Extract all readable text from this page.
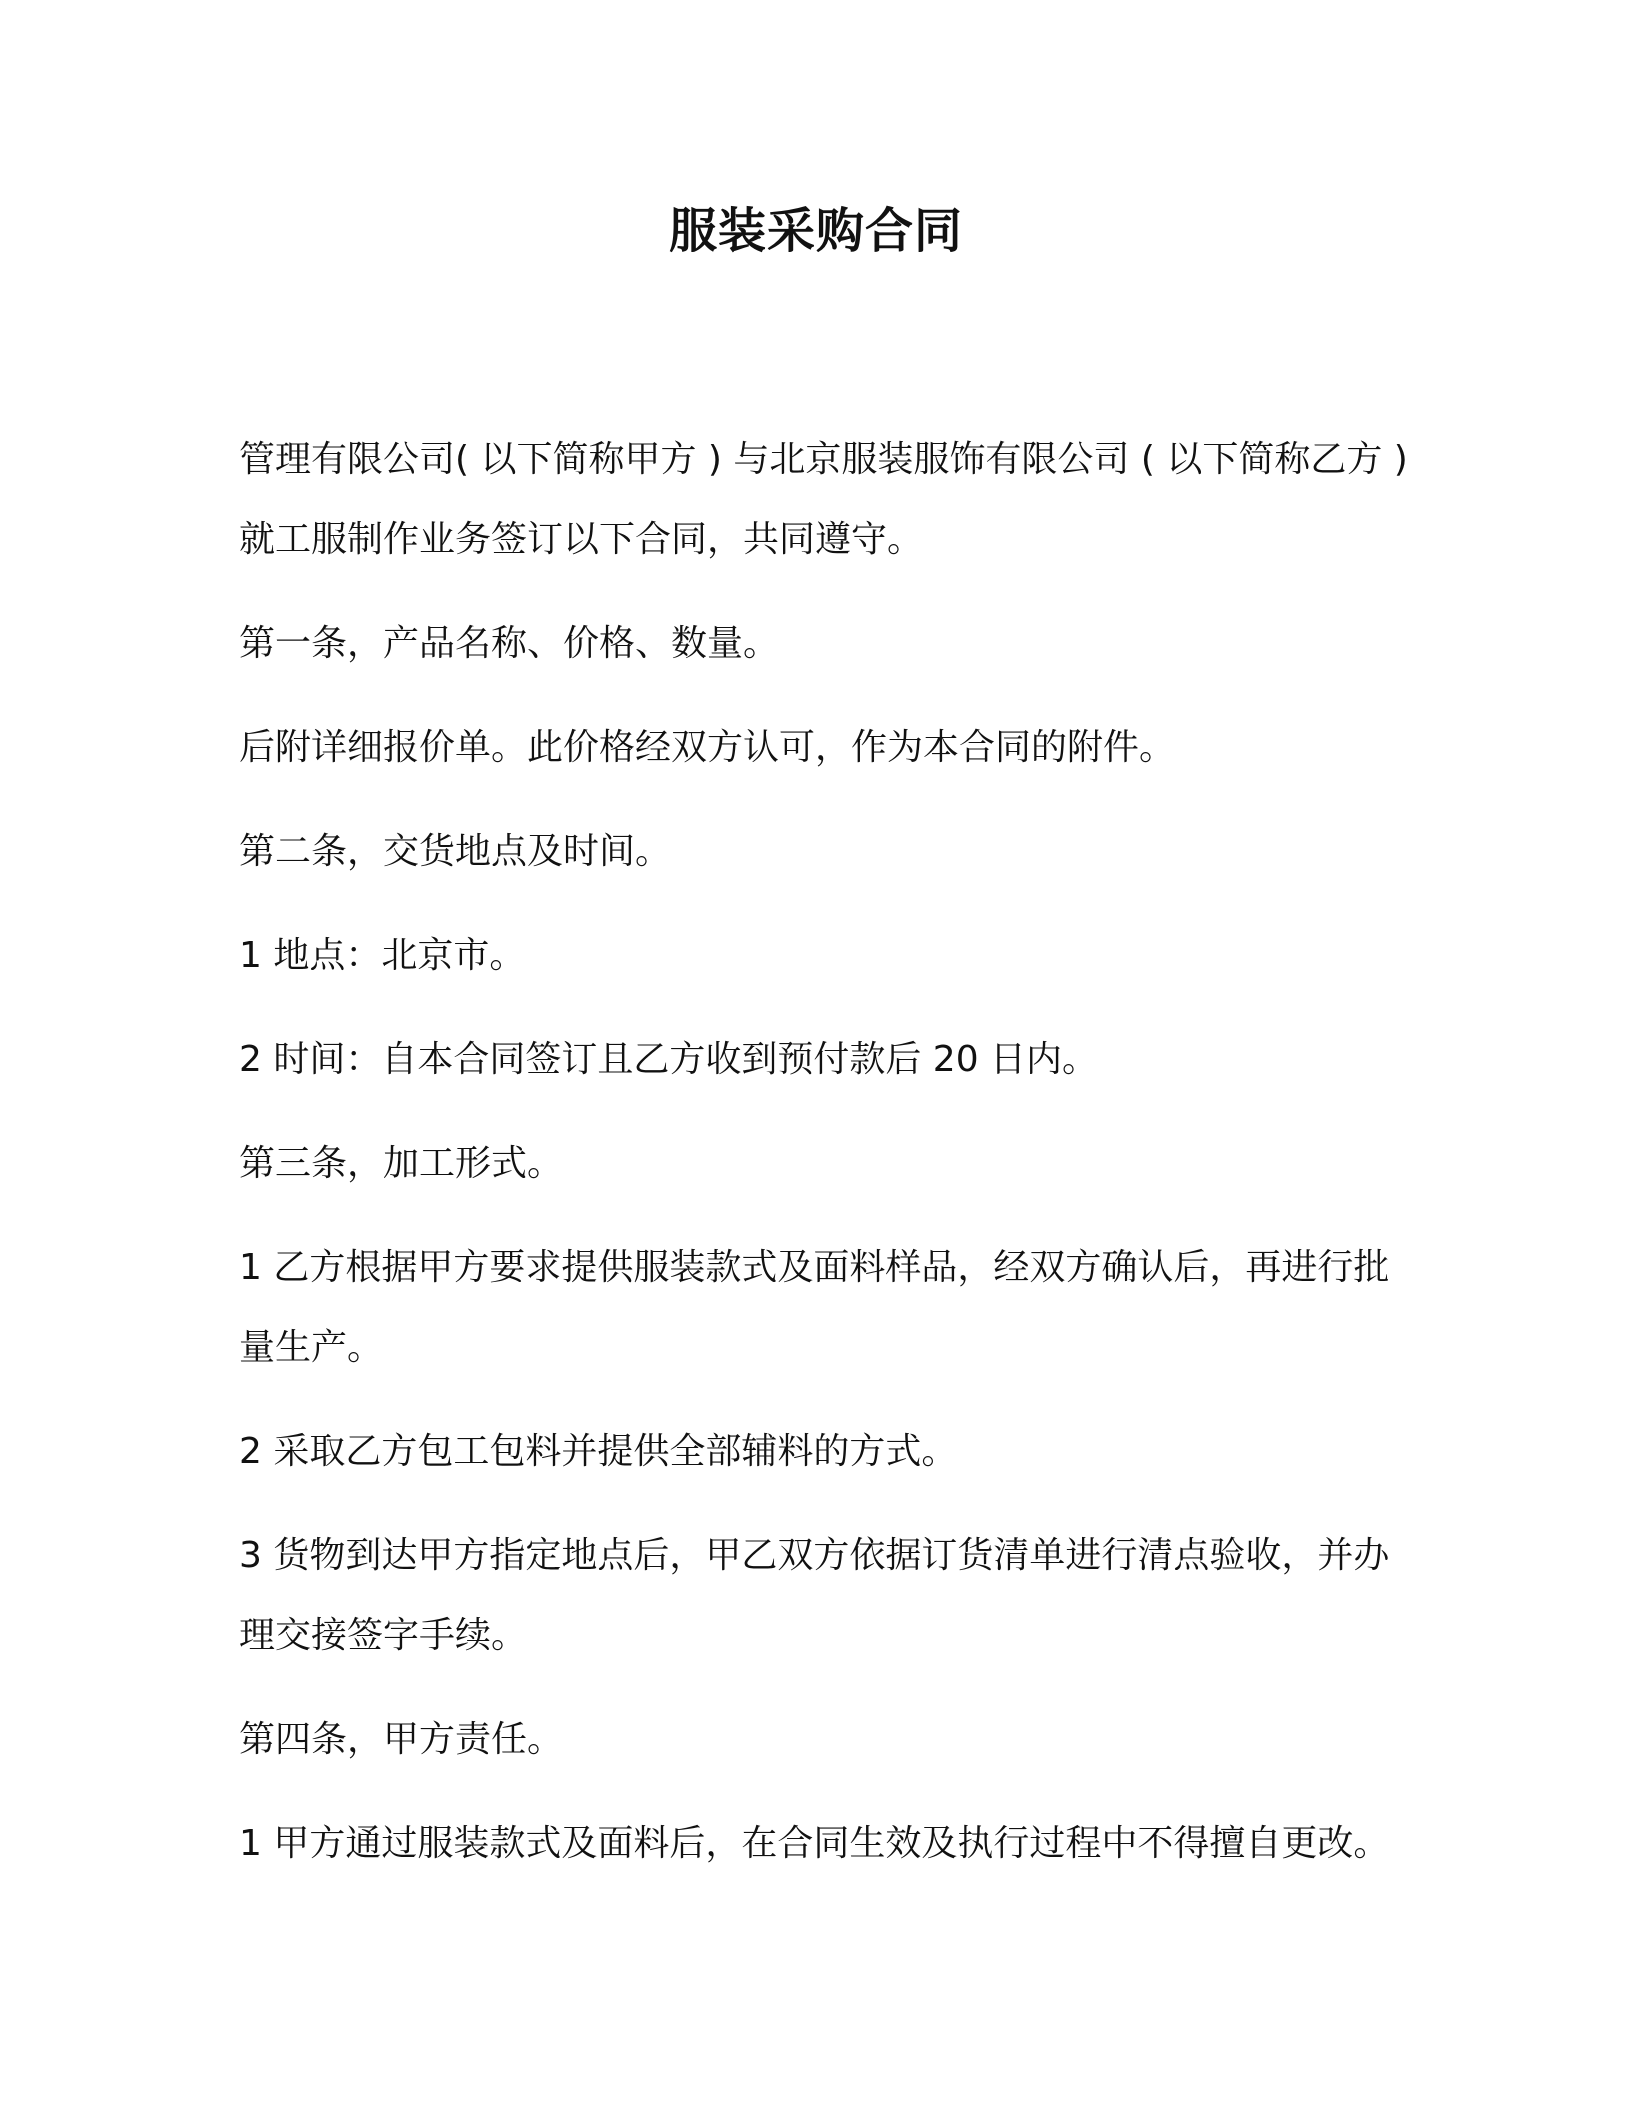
服装采购合同

管理有限公司( 以下简称甲方 ) 与北京服装服饰有限公司 ( 以下简称乙方 ) 就工服制作业务签订以下合同，共同遵守。

第一条，产品名称、价格、数量。

后附详细报价单。此价格经双方认可，作为本合同的附件。

第二条，交货地点及时间。

1 地点：北京市。

2 时间：自本合同签订且乙方收到预付款后 20 日内。

第三条，加工形式。

1 乙方根据甲方要求提供服装款式及面料样品，经双方确认后，再进行批量生产。

2 采取乙方包工包料并提供全部辅料的方式。

3 货物到达甲方指定地点后，甲乙双方依据订货清单进行清点验收，并办理交接签字手续。

第四条，甲方责任。

1 甲方通过服装款式及面料后，在合同生效及执行过程中不得擅自更改。
